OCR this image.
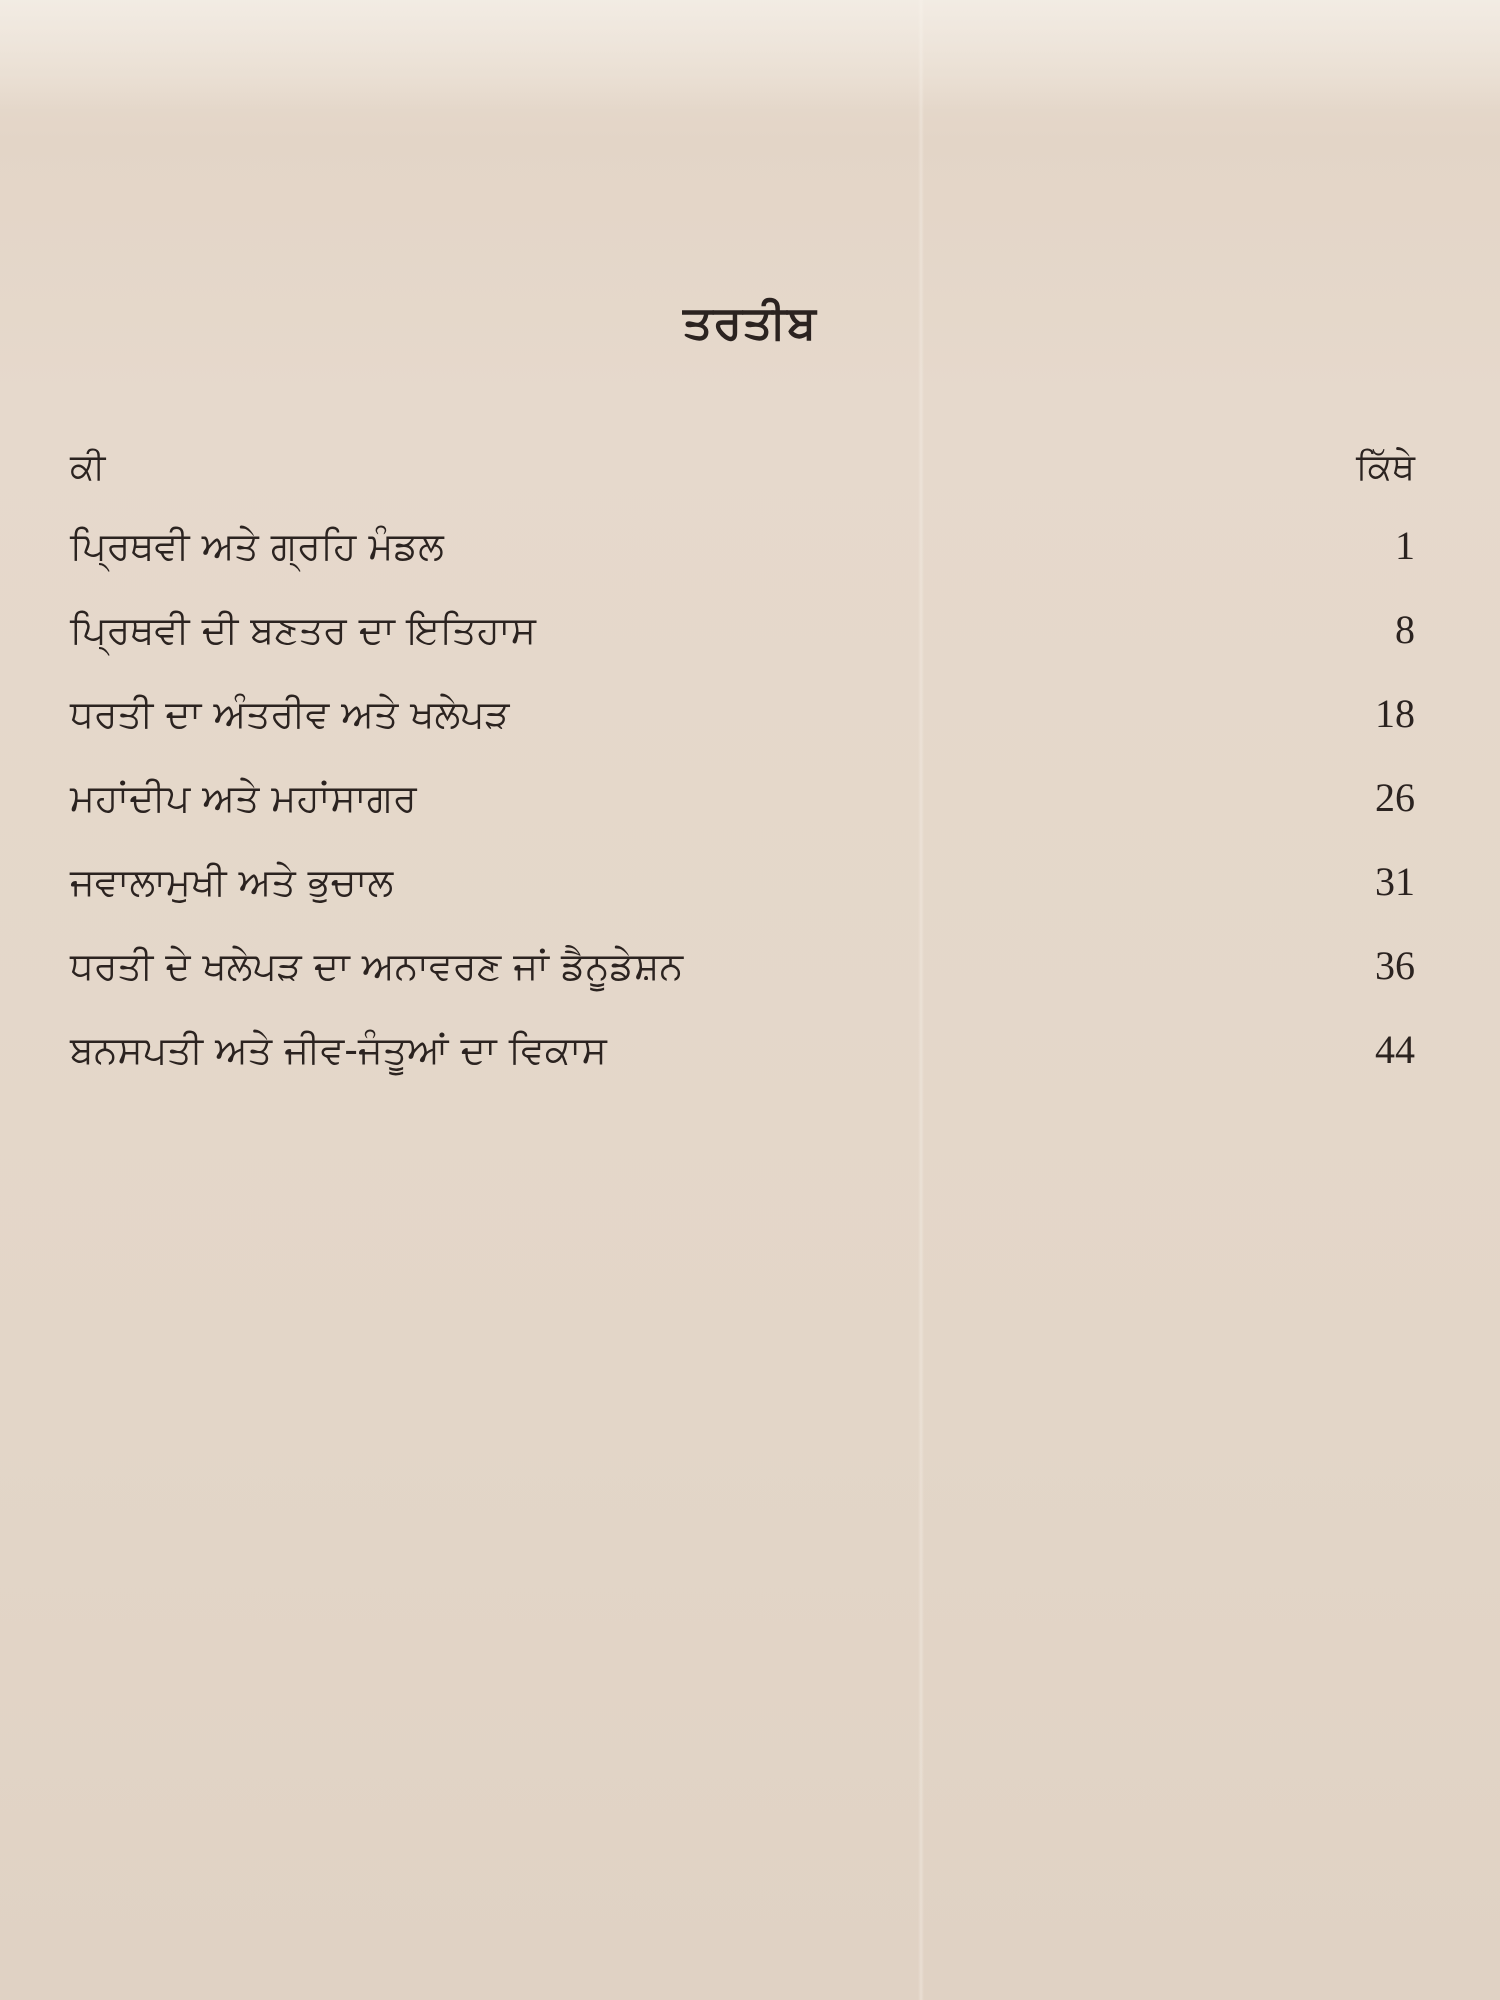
ਤਰਤੀਬ
ਕੀ	ਕਿੱਥੇ
ਪ੍ਰਿਥਵੀ ਅਤੇ ਗ੍ਰਹਿ ਮੰਡਲ	1
ਪ੍ਰਿਥਵੀ ਦੀ ਬਣਤਰ ਦਾ ਇਤਿਹਾਸ	8
ਧਰਤੀ ਦਾ ਅੰਤਰੀਵ ਅਤੇ ਖਲੇਪੜ	18
ਮਹਾਂਦੀਪ ਅਤੇ ਮਹਾਂਸਾਗਰ	26
ਜਵਾਲਾਮੁਖੀ ਅਤੇ ਭੁਚਾਲ	31
ਧਰਤੀ ਦੇ ਖਲੇਪੜ ਦਾ ਅਨਾਵਰਣ ਜਾਂ ਡੈਨੂਡੇਸ਼ਨ	36
ਬਨਸਪਤੀ ਅਤੇ ਜੀਵ-ਜੰਤੂਆਂ ਦਾ ਵਿਕਾਸ	44
